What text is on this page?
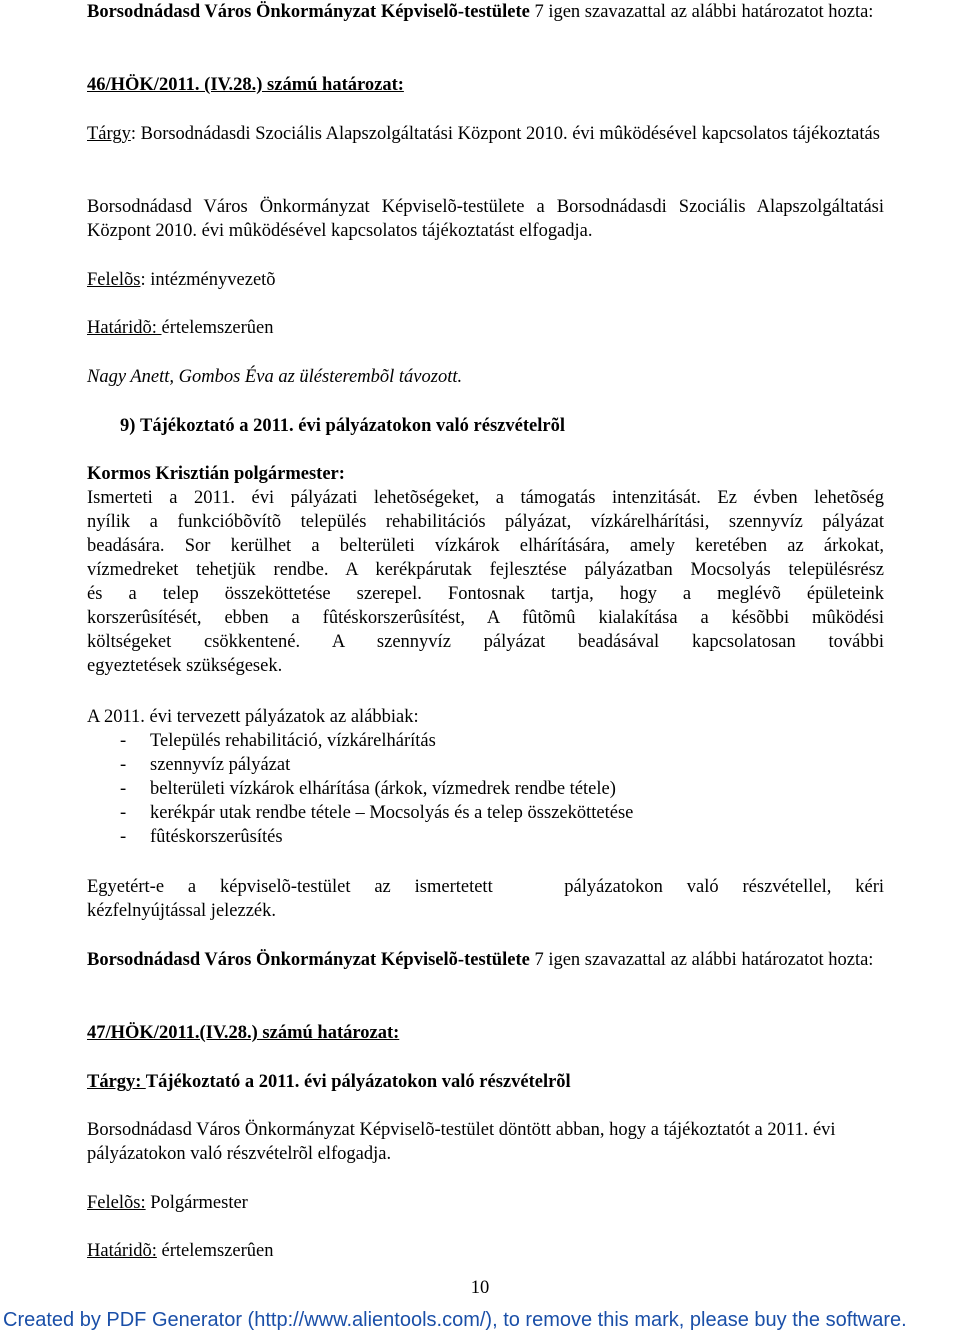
Borsodnádasd Város Önkormányzat Képviselõ-testülete 7 igen szavazattal az alábbi határozatot hozta:

46/HÖK/2011. (IV.28.) számú határozat:

Tárgy: Borsodnádasdi Szociális Alapszolgáltatási Központ 2010. évi mûködésével kapcsolatos tájékoztatás

Borsodnádasd Város Önkormányzat Képviselõ-testülete a Borsodnádasdi Szociális Alapszolgáltatási Központ 2010. évi mûködésével kapcsolatos tájékoztatást elfogadja.

Felelõs: intézményvezetõ

Határidõ: értelemszerûen

Nagy Anett, Gombos Éva az ülésterembõl távozott.

9) Tájékoztató a 2011. évi pályázatokon való részvételrõl

Kormos Krisztián polgármester:

Ismerteti a 2011. évi pályázati lehetõségeket, a támogatás intenzitását. Ez évben lehetõség
nyílik a funkcióbõvítõ település rehabilitációs pályázat, vízkárelhárítási, szennyvíz pályázat
beadására. Sor kerülhet a belterületi vízkárok elhárítására, amely keretében az árkokat,
vízmedreket tehetjük rendbe. A kerékpárutak fejlesztése pályázatban Mocsolyás településrész
és a telep összeköttetése szerepel. Fontosnak tartja, hogy a meglévõ épületeink
korszerûsítését, ebben a fûtéskorszerûsítést, A fûtõmû kialakítása a késõbbi mûködési
költségeket csökkentené. A szennyvíz pályázat beadásával kapcsolatosan további
egyeztetések szükségesek.

A 2011. évi tervezett pályázatok az alábbiak:

- Település rehabilitáció, vízkárelhárítás
- szennyvíz pályázat
- belterületi vízkárok elhárítása (árkok, vízmedrek rendbe tétele)
- kerékpár utak rendbe tétele – Mocsolyás és a telep összeköttetése
- fûtéskorszerûsítés
Egyetért-e a képviselõ-testület az ismertetett   pályázatokon való részvétellel, kéri
kézfelnyújtással jelezzék.

Borsodnádasd Város Önkormányzat Képviselõ-testülete 7 igen szavazattal az alábbi határozatot hozta:

47/HÖK/2011.(IV.28.) számú határozat:

Tárgy: Tájékoztató a 2011. évi pályázatokon való részvételrõl

Borsodnádasd Város Önkormányzat Képviselõ-testület döntött abban, hogy a tájékoztatót a 2011. évi pályázatokon való részvételrõl elfogadja.

Felelõs: Polgármester

Határidõ: értelemszerûen

10
Created by PDF Generator (http://www.alientools.com/), to remove this mark, please buy the software.
